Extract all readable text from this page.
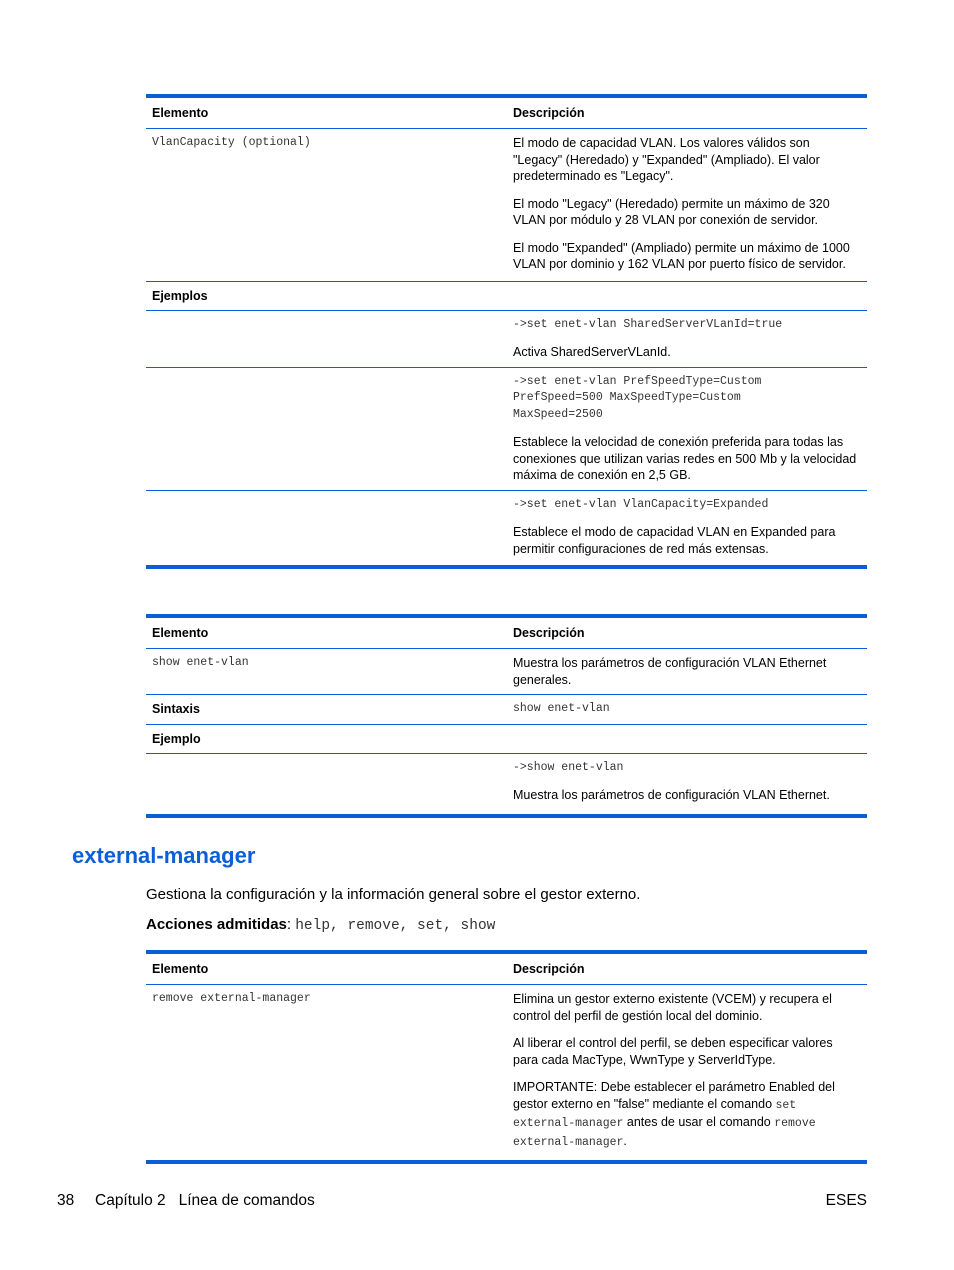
Elemento	Descripción
VlanCapacity (optional)	El modo de capacidad VLAN. Los valores válidos son "Legacy" (Heredado) y "Expanded" (Ampliado). El valor predeterminado es "Legacy".

El modo "Legacy" (Heredado) permite un máximo de 320 VLAN por módulo y 28 VLAN por conexión de servidor.

El modo "Expanded" (Ampliado) permite un máximo de 1000 VLAN por dominio y 162 VLAN por puerto físico de servidor.

Ejemplos

->set enet-vlan SharedServerVLanId=true

Activa SharedServerVLanId.

->set enet-vlan PrefSpeedType=Custom PrefSpeed=500 MaxSpeedType=Custom MaxSpeed=2500

Establece la velocidad de conexión preferida para todas las conexiones que utilizan varias redes en 500 Mb y la velocidad máxima de conexión en 2,5 GB.

->set enet-vlan VlanCapacity=Expanded

Establece el modo de capacidad VLAN en Expanded para permitir configuraciones de red más extensas.

Elemento	Descripción
show enet-vlan	Muestra los parámetros de configuración VLAN Ethernet generales.
Sintaxis	show enet-vlan
Ejemplo

->show enet-vlan

Muestra los parámetros de configuración VLAN Ethernet.

external-manager

Gestiona la configuración y la información general sobre el gestor externo.

Acciones admitidas: help, remove, set, show

Elemento	Descripción
remove external-manager	Elimina un gestor externo existente (VCEM) y recupera el control del perfil de gestión local del dominio.

Al liberar el control del perfil, se deben especificar valores para cada MacType, WwnType y ServerIdType.

IMPORTANTE: Debe establecer el parámetro Enabled del gestor externo en "false" mediante el comando set external-manager antes de usar el comando remove external-manager.

38 Capítulo 2   Línea de comandos	ESES
